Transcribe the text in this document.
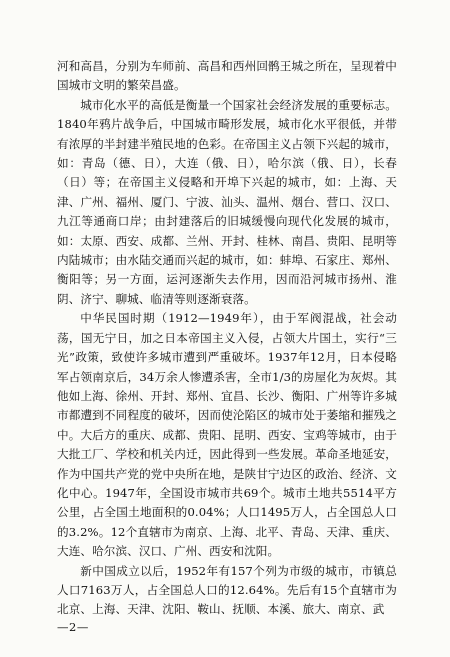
河和高昌，分别为车师前、高昌和西州回鹘王城之所在，呈现着中国城市文明的繁荣昌盛。

城市化水平的高低是衡量一个国家社会经济发展的重要标志。1840年鸦片战争后，中国城市畸形发展，城市化水平很低，并带有浓厚的半封建半殖民地的色彩。在帝国主义占领下兴起的城市，如：青岛（德、日），大连（俄、日），哈尔滨（俄、日），长春（日）等；在帝国主义侵略和开埠下兴起的城市，如：上海、天津、广州、福州、厦门、宁波、汕头、温州、烟台、营口、汉口、九江等通商口岸；由封建落后的旧城缓慢向现代化发展的城市，如：太原、西安、成都、兰州、开封、桂林、南昌、贵阳、昆明等内陆城市；由水陆交通而兴起的城市，如：蚌埠、石家庄、郑州、衡阳等；另一方面，运河逐渐失去作用，因而沿河城市扬州、淮阴、济宁、聊城、临清等则逐渐衰落。

中华民国时期（1912—1949年），由于军阀混战，社会动荡，国无宁日，加之日本帝国主义入侵，占领大片国土，实行“三光”政策，致使许多城市遭到严重破坏。1937年12月，日本侵略军占领南京后，34万余人惨遭杀害，全市1/3的房屋化为灰烬。其他如上海、徐州、开封、郑州、宜昌、长沙、衡阳、广州等许多城市都遭到不同程度的破坏，因而使沦陷区的城市处于萎缩和摧残之中。大后方的重庆、成都、贵阳、昆明、西安、宝鸡等城市，由于大批工厂、学校和机关内迁，因此得到一些发展。革命圣地延安，作为中国共产党的党中央所在地，是陕甘宁边区的政治、经济、文化中心。1947年，全国设市城市共69个。城市土地共5514平方公里，占全国土地面积的0.04%；人口1495万人，占全国总人口的3.2%。12个直辖市为南京、上海、北平、青岛、天津、重庆、大连、哈尔滨、汉口、广州、西安和沈阳。

新中国成立以后，1952年有157个列为市级的城市，市镇总人口7163万人，占全国总人口的12.64%。先后有15个直辖市为北京、上海、天津、沈阳、鞍山、抚顺、本溪、旅大、南京、武

—2—
